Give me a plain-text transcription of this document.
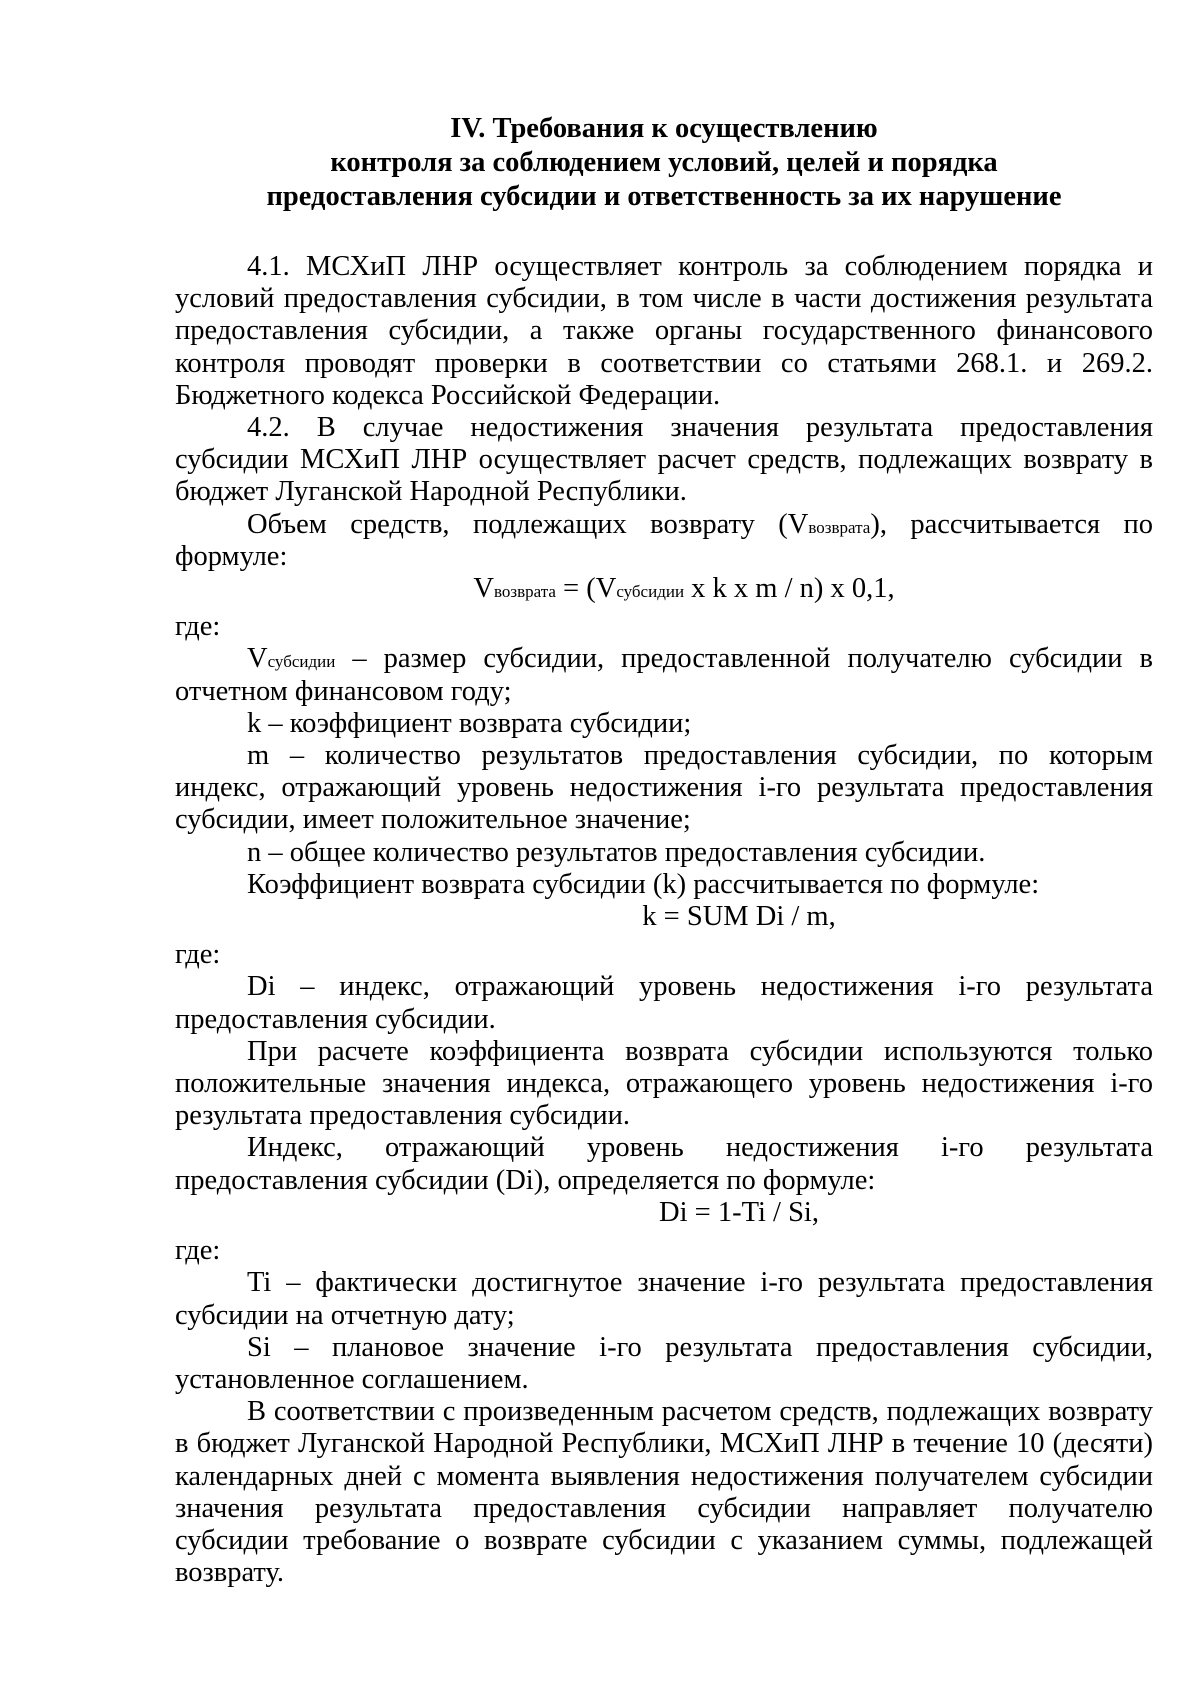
IV. Требования к осуществлению
контроля за соблюдением условий, целей и порядка
предоставления субсидии и ответственность за их нарушение

4.1. МСХиП ЛНР осуществляет контроль за соблюдением порядка и условий предоставления субсидии, в том числе в части достижения результата предоставления субсидии, а также органы государственного финансового контроля проводят проверки в соответствии со статьями 268.1. и 269.2. Бюджетного кодекса Российской Федерации.

4.2. В случае недостижения значения результата предоставления субсидии МСХиП ЛНР осуществляет расчет средств, подлежащих возврату в бюджет Луганской Народной Республики.

Объем средств, подлежащих возврату (Vвозврата), рассчитывается по формуле:

Vвозврата = (Vсубсидии х k х m / n) х 0,1,

где:

Vсубсидии – размер субсидии, предоставленной получателю субсидии в отчетном финансовом году;

k – коэффициент возврата субсидии;

m – количество результатов предоставления субсидии, по которым индекс, отражающий уровень недостижения i-го результата предоставления субсидии, имеет положительное значение;

n – общее количество результатов предоставления субсидии.

Коэффициент возврата субсидии (k) рассчитывается по формуле:

k = SUM Di / m,

где:

Di – индекс, отражающий уровень недостижения i-го результата предоставления субсидии.

При расчете коэффициента возврата субсидии используются только положительные значения индекса, отражающего уровень недостижения i-го результата предоставления субсидии.

Индекс, отражающий уровень недостижения i-го результата предоставления субсидии (Di), определяется по формуле:

Di = 1-Ti / Si,

где:

Ti – фактически достигнутое значение i-го результата предоставления субсидии на отчетную дату;

Si – плановое значение i-го результата предоставления субсидии, установленное соглашением.

В соответствии с произведенным расчетом средств, подлежащих возврату в бюджет Луганской Народной Республики, МСХиП ЛНР в течение 10 (десяти) календарных дней с момента выявления недостижения получателем субсидии значения результата предоставления субсидии направляет получателю субсидии требование о возврате субсидии с указанием суммы, подлежащей возврату.
